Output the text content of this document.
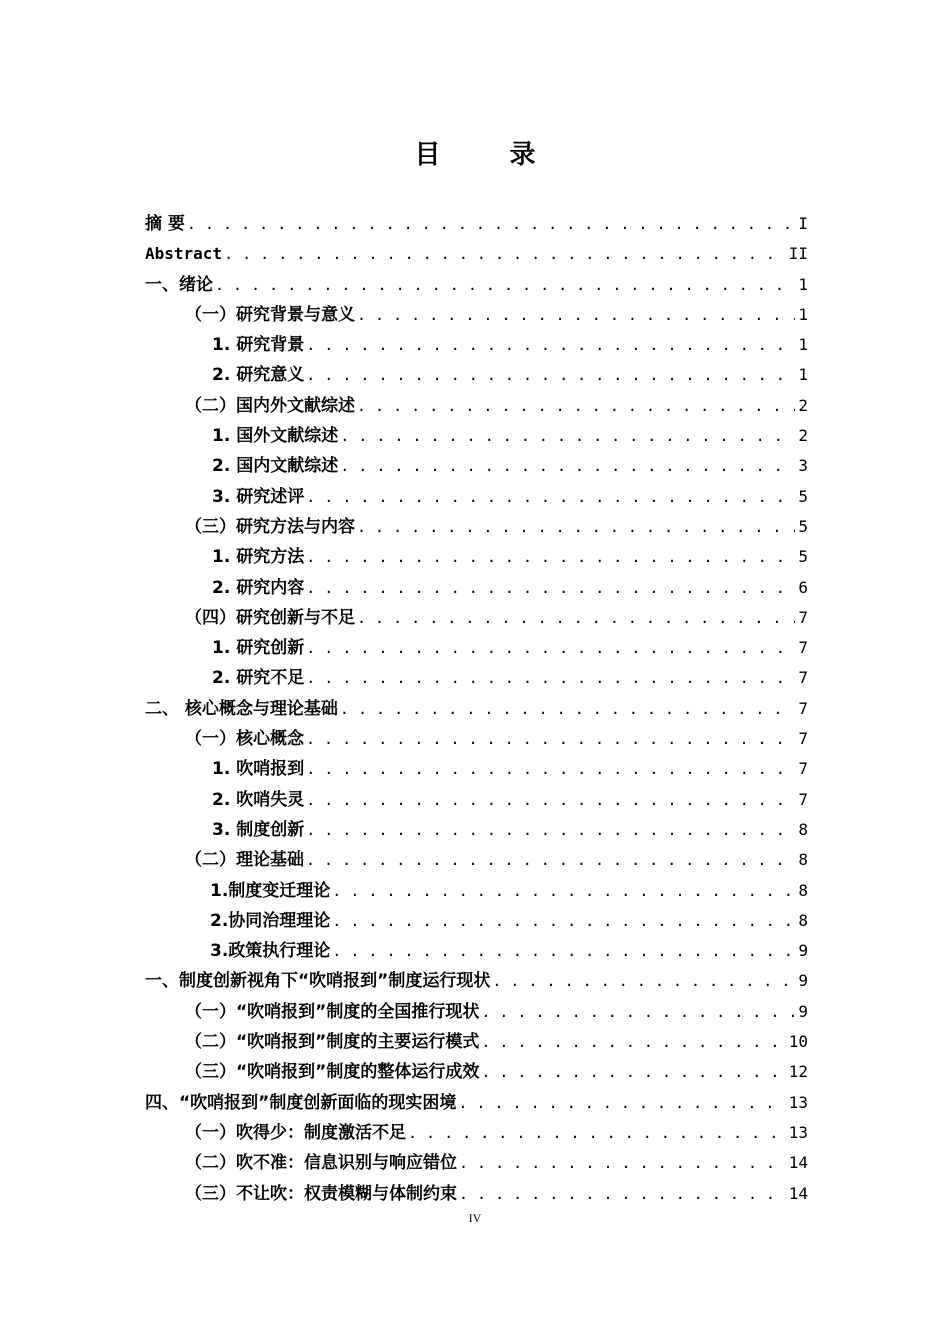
目 录
摘 要 . . .	I
Abstract . . .	II
一、绪论 . . .	1
（一）研究背景与意义 . . .	1
1. 研究背景 . . .	1
2. 研究意义 . . .	1
（二）国内外文献综述 . . .	2
1. 国外文献综述 . . .	2
2. 国内文献综述 . . .	3
3. 研究述评 . . .	5
（三）研究方法与内容 . . .	5
1. 研究方法 . . .	5
2. 研究内容 . . .	6
（四）研究创新与不足 . . .	7
1. 研究创新 . . .	7
2. 研究不足 . . .	7
二、 核心概念与理论基础 . . .	7
（一）核心概念 . . .	7
1. 吹哨报到 . . .	7
2. 吹哨失灵 . . .	7
3. 制度创新 . . .	8
（二）理论基础 . . .	8
1.制度变迁理论 . . .	8
2.协同治理理论 . . .	8
3.政策执行理论 . . .	9
一、制度创新视角下“吹哨报到”制度运行现状 . . .	9
（一）“吹哨报到”制度的全国推行现状 . . .	9
（二）“吹哨报到”制度的主要运行模式 . . .	10
（三）“吹哨报到”制度的整体运行成效 . . .	12
四、“吹哨报到”制度创新面临的现实困境 . . .	13
（一）吹得少：制度激活不足 . . .	13
（二）吹不准：信息识别与响应错位 . . .	14
（三）不让吹：权责模糊与体制约束 . . .	14
IV
